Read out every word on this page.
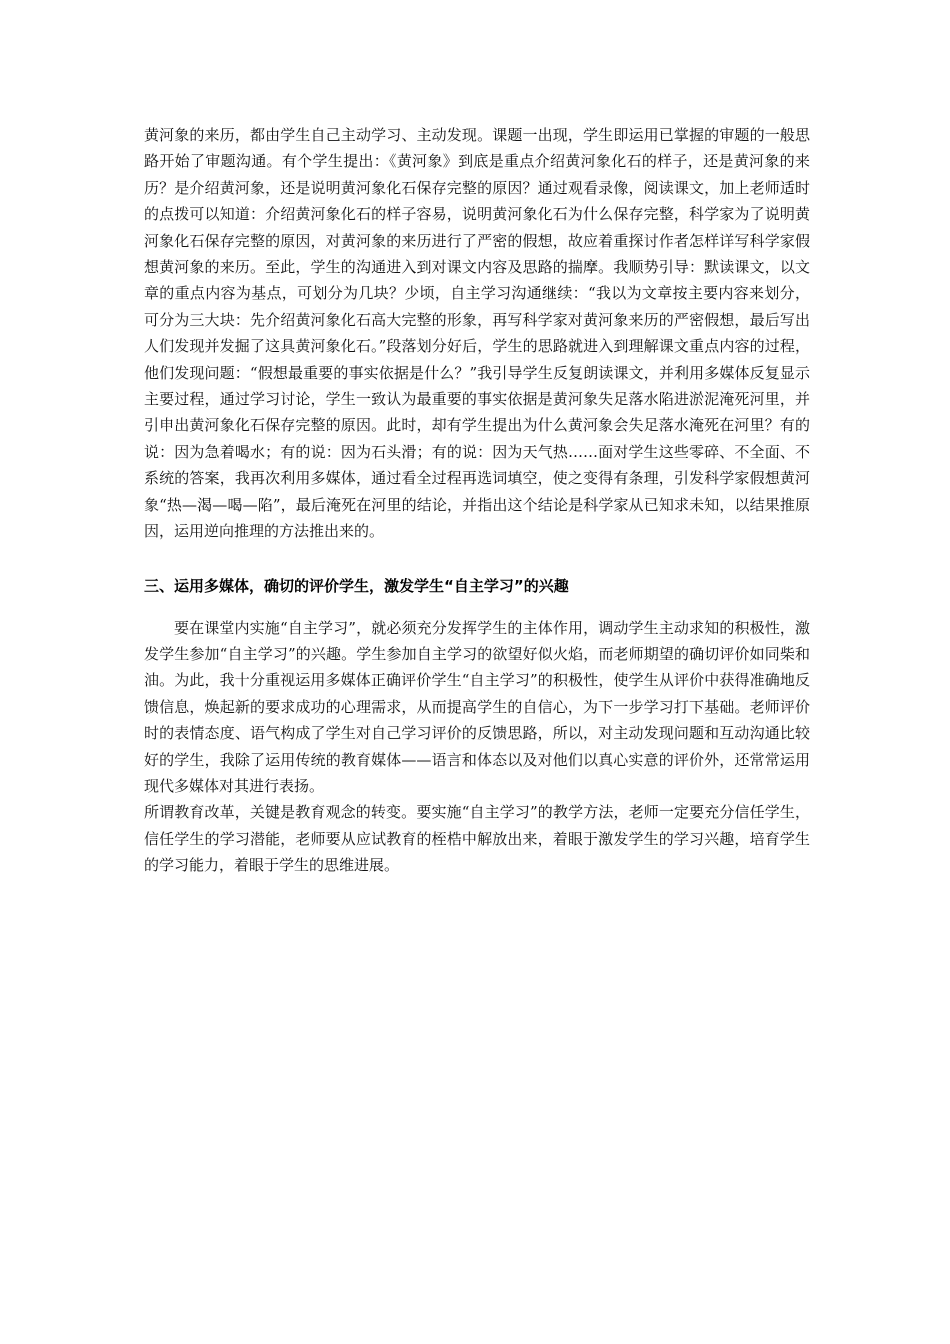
黄河象的来历，都由学生自己主动学习、主动发现。课题一出现，学生即运用已掌握的审题的一般思路开始了审题沟通。有个学生提出：《黄河象》到底是重点介绍黄河象化石的样子，还是黄河象的来历？是介绍黄河象，还是说明黄河象化石保存完整的原因？通过观看录像，阅读课文，加上老师适时的点拨可以知道：介绍黄河象化石的样子容易，说明黄河象化石为什么保存完整，科学家为了说明黄河象化石保存完整的原因，对黄河象的来历进行了严密的假想，故应着重探讨作者怎样详写科学家假想黄河象的来历。至此，学生的沟通进入到对课文内容及思路的揣摩。我顺势引导：默读课文，以文章的重点内容为基点，可划分为几块？少顷，自主学习沟通继续：“我以为文章按主要内容来划分，可分为三大块：先介绍黄河象化石高大完整的形象，再写科学家对黄河象来历的严密假想，最后写出人们发现并发掘了这具黄河象化石。”段落划分好后，学生的思路就进入到理解课文重点内容的过程，他们发现问题：“假想最重要的事实依据是什么？”我引导学生反复朗读课文，并利用多媒体反复显示主要过程，通过学习讨论，学生一致认为最重要的事实依据是黄河象失足落水陷进淤泥淹死河里，并引申出黄河象化石保存完整的原因。此时，却有学生提出为什么黄河象会失足落水淹死在河里？有的说：因为急着喝水；有的说：因为石头滑；有的说：因为天气热……面对学生这些零碎、不全面、不系统的答案，我再次利用多媒体，通过看全过程再选词填空，使之变得有条理，引发科学家假想黄河象“热—渴—喝—陷”，最后淹死在河里的结论，并指出这个结论是科学家从已知求未知，以结果推原因，运用逆向推理的方法推出来的。

三、运用多媒体，确切的评价学生，激发学生“自主学习”的兴趣

要在课堂内实施“自主学习”，就必须充分发挥学生的主体作用，调动学生主动求知的积极性，激发学生参加“自主学习”的兴趣。学生参加自主学习的欲望好似火焰，而老师期望的确切评价如同柴和油。为此，我十分重视运用多媒体正确评价学生“自主学习”的积极性，使学生从评价中获得准确地反馈信息，焕起新的要求成功的心理需求，从而提高学生的自信心，为下一步学习打下基础。老师评价时的表情态度、语气构成了学生对自己学习评价的反馈思路，所以，对主动发现问题和互动沟通比较好的学生，我除了运用传统的教育媒体——语言和体态以及对他们以真心实意的评价外，还常常运用现代多媒体对其进行表扬。

所谓教育改革，关键是教育观念的转变。要实施“自主学习”的教学方法，老师一定要充分信任学生，信任学生的学习潜能，老师要从应试教育的桎梏中解放出来，着眼于激发学生的学习兴趣，培育学生的学习能力，着眼于学生的思维进展。
